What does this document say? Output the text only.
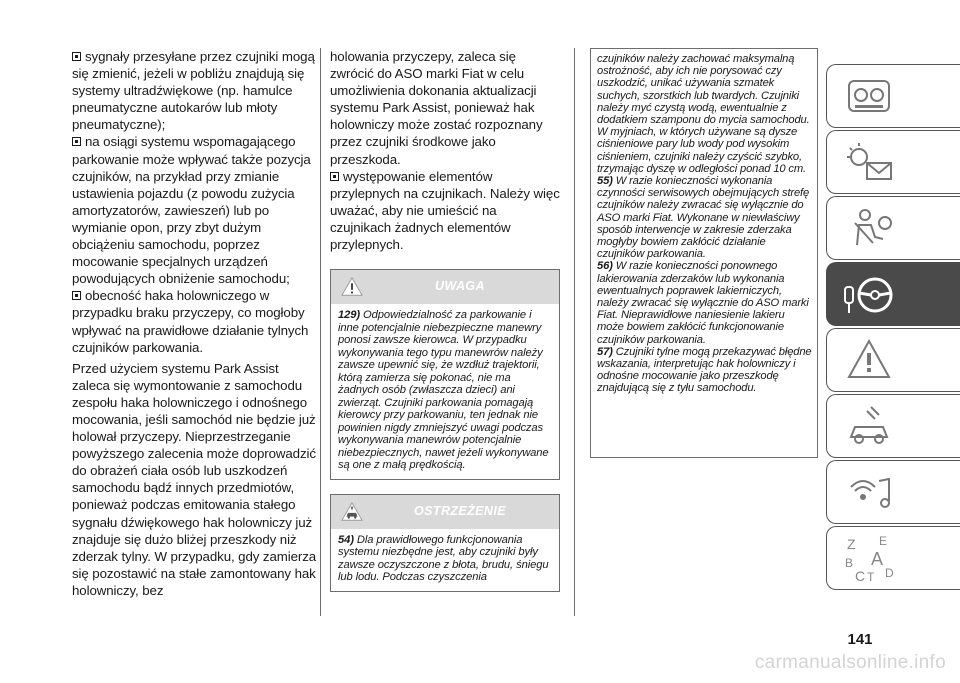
sygnały przesyłane przez czujniki mogą się zmienić, jeżeli w pobliżu znajdują się systemy ultradźwiękowe (np. hamulce pneumatyczne autokarów lub młoty pneumatyczne);

na osiągi systemu wspomagającego parkowanie może wpływać także pozycja czujników, na przykład przy zmianie ustawienia pojazdu (z powodu zużycia amortyzatorów, zawieszeń) lub po wymianie opon, przy zbyt dużym obciążeniu samochodu, poprzez mocowanie specjalnych urządzeń powodujących obniżenie samochodu;

obecność haka holowniczego w przypadku braku przyczepy, co mogłoby wpływać na prawidłowe działanie tylnych czujników parkowania.

Przed użyciem systemu Park Assist zaleca się wymontowanie z samochodu zespołu haka holowniczego i odnośnego mocowania, jeśli samochód nie będzie już holował przyczepy. Nieprzestrzeganie powyższego zalecenia może doprowadzić do obrażeń ciała osób lub uszkodzeń samochodu bądź innych przedmiotów, ponieważ podczas emitowania stałego sygnału dźwiękowego hak holowniczy już znajduje się dużo bliżej przeszkody niż zderzak tylny. W przypadku, gdy zamierza się pozostawić na stałe zamontowany hak holowniczy, bez

holowania przyczepy, zaleca się zwrócić do ASO marki Fiat w celu umożliwienia dokonania aktualizacji systemu Park Assist, ponieważ hak holowniczy może zostać rozpoznany przez czujniki środkowe jako przeszkoda.

występowanie elementów przylepnych na czujnikach. Należy więc uważać, aby nie umieścić na czujnikach żadnych elementów przylepnych.

UWAGA

129) Odpowiedzialność za parkowanie i inne potencjalnie niebezpieczne manewry ponosi zawsze kierowca. W przypadku wykonywania tego typu manewrów należy zawsze upewnić się, że wzdłuż trajektorii, którą zamierza się pokonać, nie ma żadnych osób (zwłaszcza dzieci) ani zwierząt. Czujniki parkowania pomagają kierowcy przy parkowaniu, ten jednak nie powinien nigdy zmniejszyć uwagi podczas wykonywania manewrów potencjalnie niebezpiecznych, nawet jeżeli wykonywane są one z małą prędkością.

OSTRZEŻENIE

54) Dla prawidłowego funkcjonowania systemu niezbędne jest, aby czujniki były zawsze oczyszczone z błota, brudu, śniegu lub lodu. Podczas czyszczenia

czujników należy zachować maksymalną ostrożność, aby ich nie porysować czy uszkodzić, unikać używania szmatek suchych, szorstkich lub twardych. Czujniki należy myć czystą wodą, ewentualnie z dodatkiem szamponu do mycia samochodu. W myjniach, w których używane są dysze ciśnieniowe pary lub wody pod wysokim ciśnieniem, czujniki należy czyścić szybko, trzymając dyszę w odległości ponad 10 cm.

55) W razie konieczności wykonania czynności serwisowych obejmujących strefę czujników należy zwracać się wyłącznie do ASO marki Fiat. Wykonane w niewłaściwy sposób interwencje w zakresie zderzaka mogłyby bowiem zakłócić działanie czujników parkowania.

56) W razie konieczności ponownego lakierowania zderzaków lub wykonania ewentualnych poprawek lakierniczych, należy zwracać się wyłącznie do ASO marki Fiat. Nieprawidłowe naniesienie lakieru może bowiem zakłócić funkcjonowanie czujników parkowania.

57) Czujniki tylne mogą przekazywać błędne wskazania, interpretując hak holowniczy i odnośne mocowanie jako przeszkodę znajdującą się z tyłu samochodu.

Z E
B A
C T D
141
carmanualsonline.info
